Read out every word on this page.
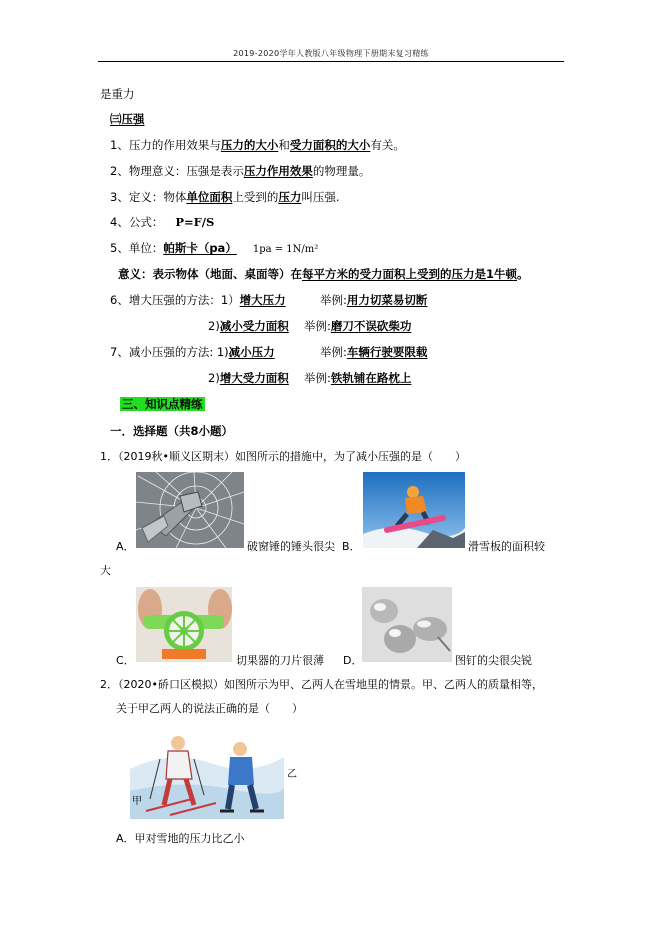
2019-2020学年人教版八年级物理下册期末复习精练
是重力
㈢压强
1、压力的作用效果与压力的大小和受力面积的大小有关。
2、物理意义：压强是表示压力作用效果的物理量。
3、定义：物体单位面积上受到的压力叫压强.
4、公式： P=F/S
5、单位：帕斯卡（pa） 1pa = 1N/m²
意义：表示物体（地面、桌面等）在每平方米的受力面积上受到的压力是1牛顿。
6、增大压强的方法：1）增大压力	举例:用力切菜易切断
2)减小受力面积 举例:磨刀不误砍柴功
7、减小压强的方法: 1)减小压力	举例:车辆行驶要限载
2)增大受力面积 举例:铁轨铺在路枕上
三、知识点精练
一．选择题（共8小题）
1．（2019秋•顺义区期末）如图所示的措施中，为了减小压强的是（　　）
A．	破窗锤的锤头很尖 B．	滑雪板的面积较
大
C．	切果器的刀片很薄 D．	图钉的尖很尖锐
2．（2020•硚口区模拟）如图所示为甲、乙两人在雪地里的情景。甲、乙两人的质量相等，
关于甲乙两人的说法正确的是（　　）
甲
乙
A．甲对雪地的压力比乙小
